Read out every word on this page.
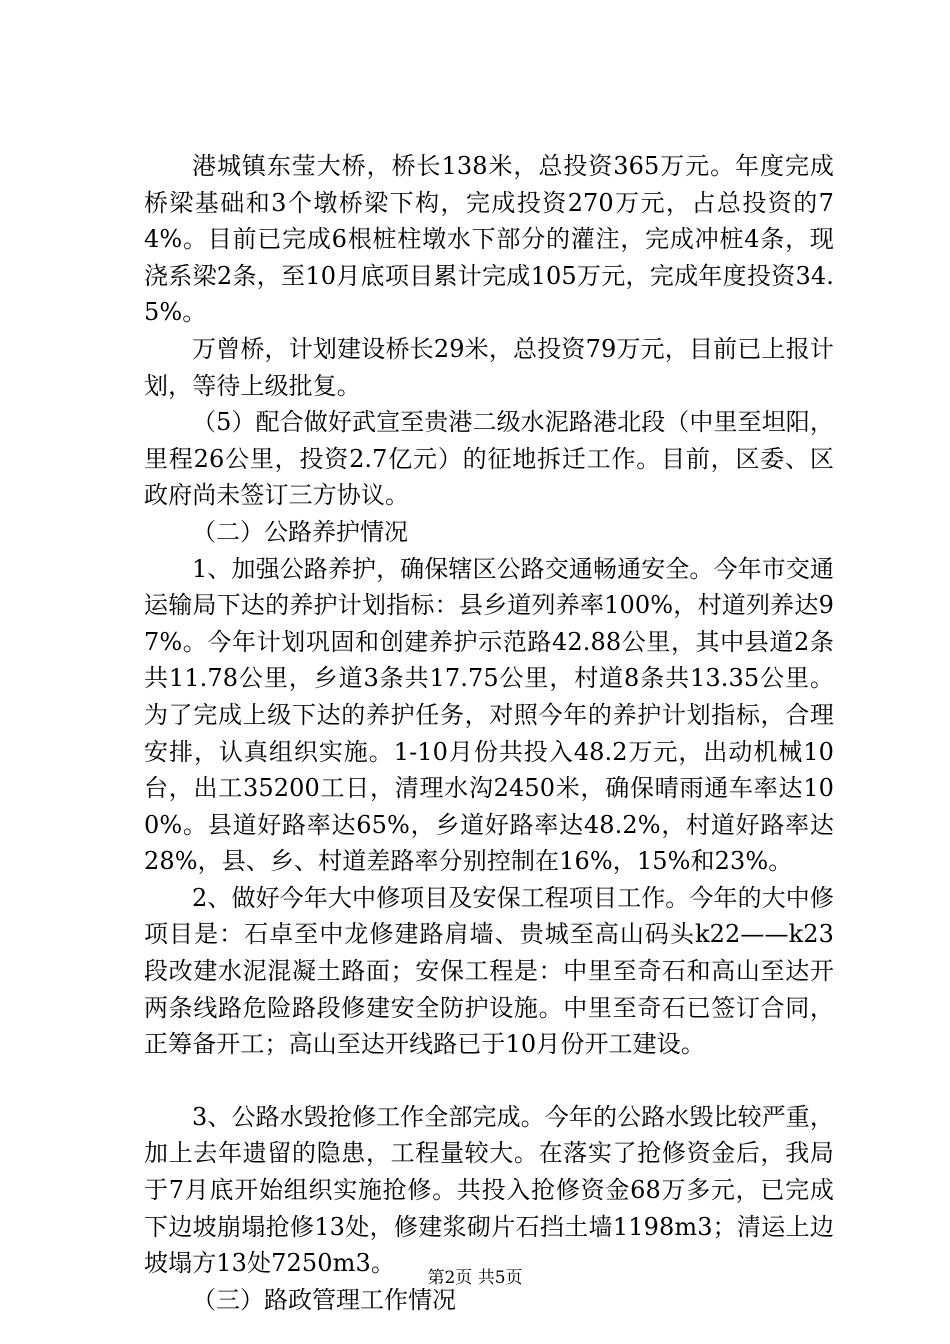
港城镇东莹大桥，桥长138米，总投资365万元。年度完成桥梁基础和3个墩桥梁下构，完成投资270万元，占总投资的74%。目前已完成6根桩柱墩水下部分的灌注，完成冲桩4条，现浇系梁2条，至10月底项目累计完成105万元，完成年度投资34.5%。

万曾桥，计划建设桥长29米，总投资79万元，目前已上报计划，等待上级批复。

（5）配合做好武宣至贵港二级水泥路港北段（中里至坦阳，里程26公里，投资2.7亿元）的征地拆迁工作。目前，区委、区政府尚未签订三方协议。

（二）公路养护情况

1、加强公路养护，确保辖区公路交通畅通安全。今年市交通运输局下达的养护计划指标：县乡道列养率100%，村道列养达97%。今年计划巩固和创建养护示范路42.88公里，其中县道2条共11.78公里，乡道3条共17.75公里，村道8条共13.35公里。为了完成上级下达的养护任务，对照今年的养护计划指标，合理安排，认真组织实施。1-10月份共投入48.2万元，出动机械10台，出工35200工日，清理水沟2450米，确保晴雨通车率达100%。县道好路率达65%，乡道好路率达48.2%，村道好路率达28%，县、乡、村道差路率分别控制在16%，15%和23%。

2、做好今年大中修项目及安保工程项目工作。今年的大中修项目是：石卓至中龙修建路肩墙、贵城至高山码头k22——k23段改建水泥混凝土路面；安保工程是：中里至奇石和高山至达开两条线路危险路段修建安全防护设施。中里至奇石已签订合同，正筹备开工；高山至达开线路已于10月份开工建设。

3、公路水毁抢修工作全部完成。今年的公路水毁比较严重，加上去年遗留的隐患，工程量较大。在落实了抢修资金后，我局于7月底开始组织实施抢修。共投入抢修资金68万多元，已完成下边坡崩塌抢修13处，修建浆砌片石挡土墙1198m3；清运上边坡塌方13处7250m3。

（三）路政管理工作情况

第2页 共5页
